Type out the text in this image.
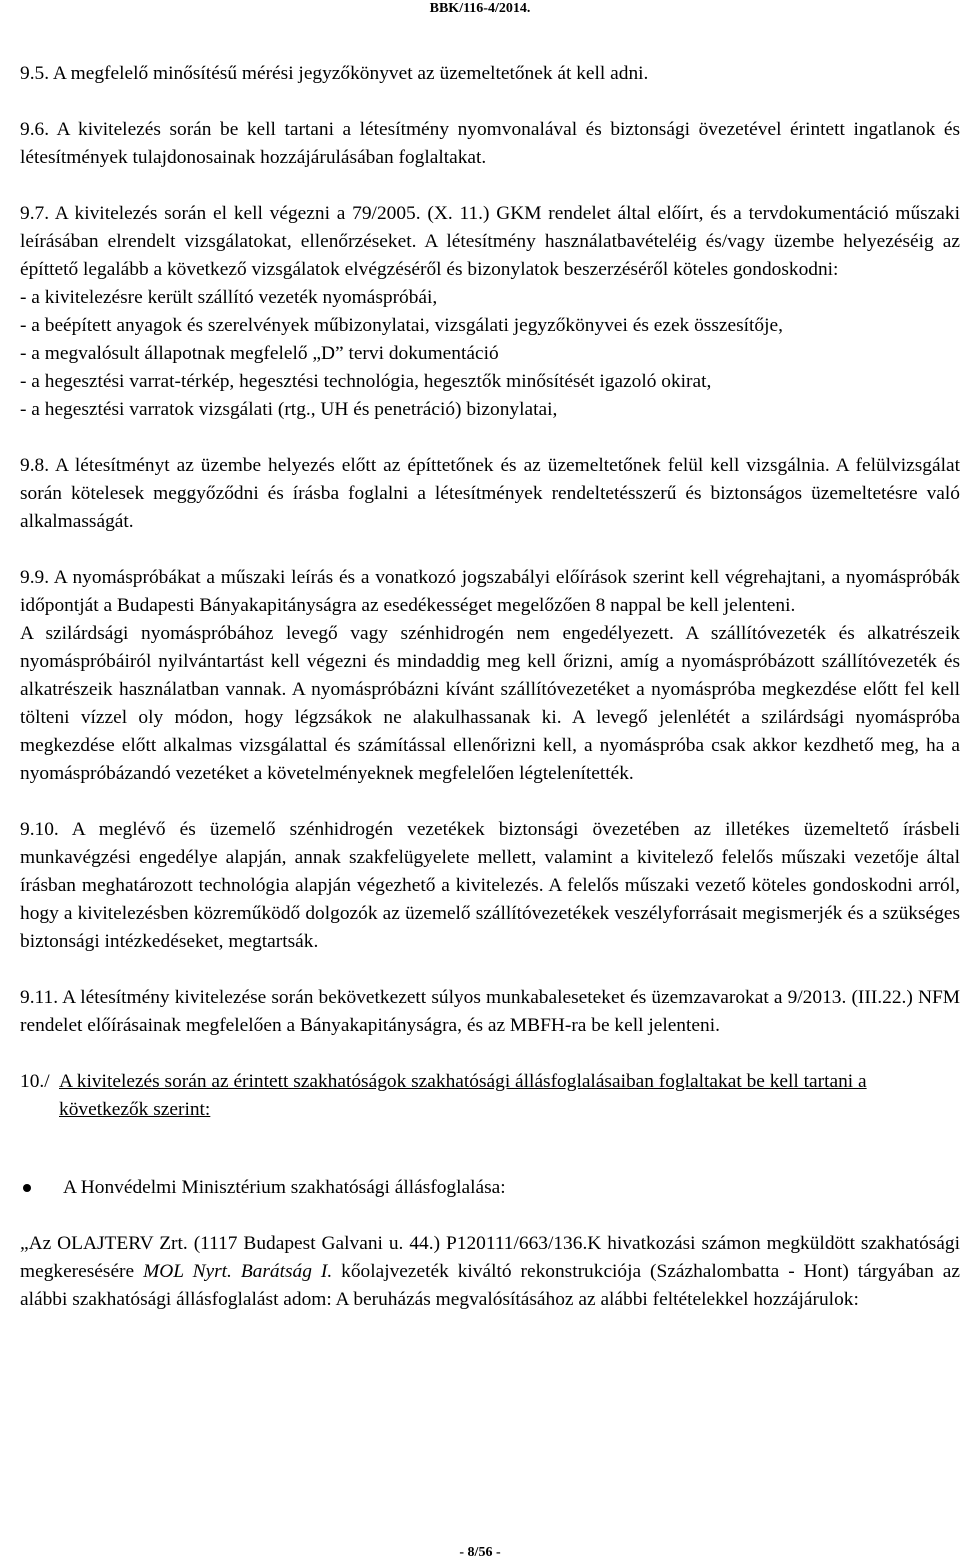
BBK/116-4/2014.

9.5. A megfelelő minősítésű mérési jegyzőkönyvet az üzemeltetőnek át kell adni.

9.6. A kivitelezés során be kell tartani a létesítmény nyomvonalával és biztonsági övezetével érintett ingatlanok és létesítmények tulajdonosainak hozzájárulásában foglaltakat.

9.7. A kivitelezés során el kell végezni a 79/2005. (X. 11.) GKM rendelet által előírt, és a tervdokumentáció műszaki leírásában elrendelt vizsgálatokat, ellenőrzéseket. A létesítmény használatbavételéig és/vagy üzembe helyezéséig az építtető legalább a következő vizsgálatok elvégzéséről és bizonylatok beszerzéséről köteles gondoskodni:

- a kivitelezésre került szállító vezeték nyomáspróbái,

- a beépített anyagok és szerelvények műbizonylatai, vizsgálati jegyzőkönyvei és ezek összesítője,

- a megvalósult állapotnak megfelelő „D” tervi dokumentáció

- a hegesztési varrat-térkép, hegesztési technológia, hegesztők minősítését igazoló okirat,

- a hegesztési varratok vizsgálati (rtg., UH és penetráció) bizonylatai,

9.8. A létesítményt az üzembe helyezés előtt az építtetőnek és az üzemeltetőnek felül kell vizsgálnia. A felülvizsgálat során kötelesek meggyőződni és írásba foglalni a létesítmények rendeltetésszerű és biztonságos üzemeltetésre való alkalmasságát.

9.9. A nyomáspróbákat a műszaki leírás és a vonatkozó jogszabályi előírások szerint kell végrehajtani, a nyomáspróbák időpontját a Budapesti Bányakapitányságra az esedékességet megelőzően 8 nappal be kell jelenteni.

A szilárdsági nyomáspróbához levegő vagy szénhidrogén nem engedélyezett. A szállítóvezeték és alkatrészeik nyomáspróbáiról nyilvántartást kell végezni és mindaddig meg kell őrizni, amíg a nyomáspróbázott szállítóvezeték és alkatrészeik használatban vannak. A nyomáspróbázni kívánt szállítóvezetéket a nyomáspróba megkezdése előtt fel kell tölteni vízzel oly módon, hogy légzsákok ne alakulhassanak ki. A levegő jelenlétét a szilárdsági nyomáspróba megkezdése előtt alkalmas vizsgálattal és számítással ellenőrizni kell, a nyomáspróba csak akkor kezdhető meg, ha a nyomáspróbázandó vezetéket a követelményeknek megfelelően légtelenítették.

9.10. A meglévő és üzemelő szénhidrogén vezetékek biztonsági övezetében az illetékes üzemeltető írásbeli munkavégzési engedélye alapján, annak szakfelügyelete mellett, valamint a kivitelező felelős műszaki vezetője által írásban meghatározott technológia alapján végezhető a kivitelezés. A felelős műszaki vezető köteles gondoskodni arról, hogy a kivitelezésben közreműködő dolgozók az üzemelő szállítóvezetékek veszélyforrásait megismerjék és a szükséges biztonsági intézkedéseket, megtartsák.

9.11. A létesítmény kivitelezése során bekövetkezett súlyos munkabaleseteket és üzemzavarokat a 9/2013. (III.22.) NFM rendelet előírásainak megfelelően a Bányakapitányságra, és az MBFH-ra be kell jelenteni.

10./ A kivitelezés során az érintett szakhatóságok szakhatósági állásfoglalásaiban foglaltakat be kell tartani a következők szerint:
A Honvédelmi Minisztérium szakhatósági állásfoglalása:

„Az OLAJTERV Zrt. (1117 Budapest Galvani u. 44.) P120111/663/136.K hivatkozási számon megküldött szakhatósági megkeresésére MOL Nyrt. Barátság I. kőolajvezeték kiváltó rekonstrukciója (Százhalombatta - Hont) tárgyában az alábbi szakhatósági állásfoglalást adom: A beruházás megvalósításához az alábbi feltételekkel hozzájárulok:

- 8/56 -
